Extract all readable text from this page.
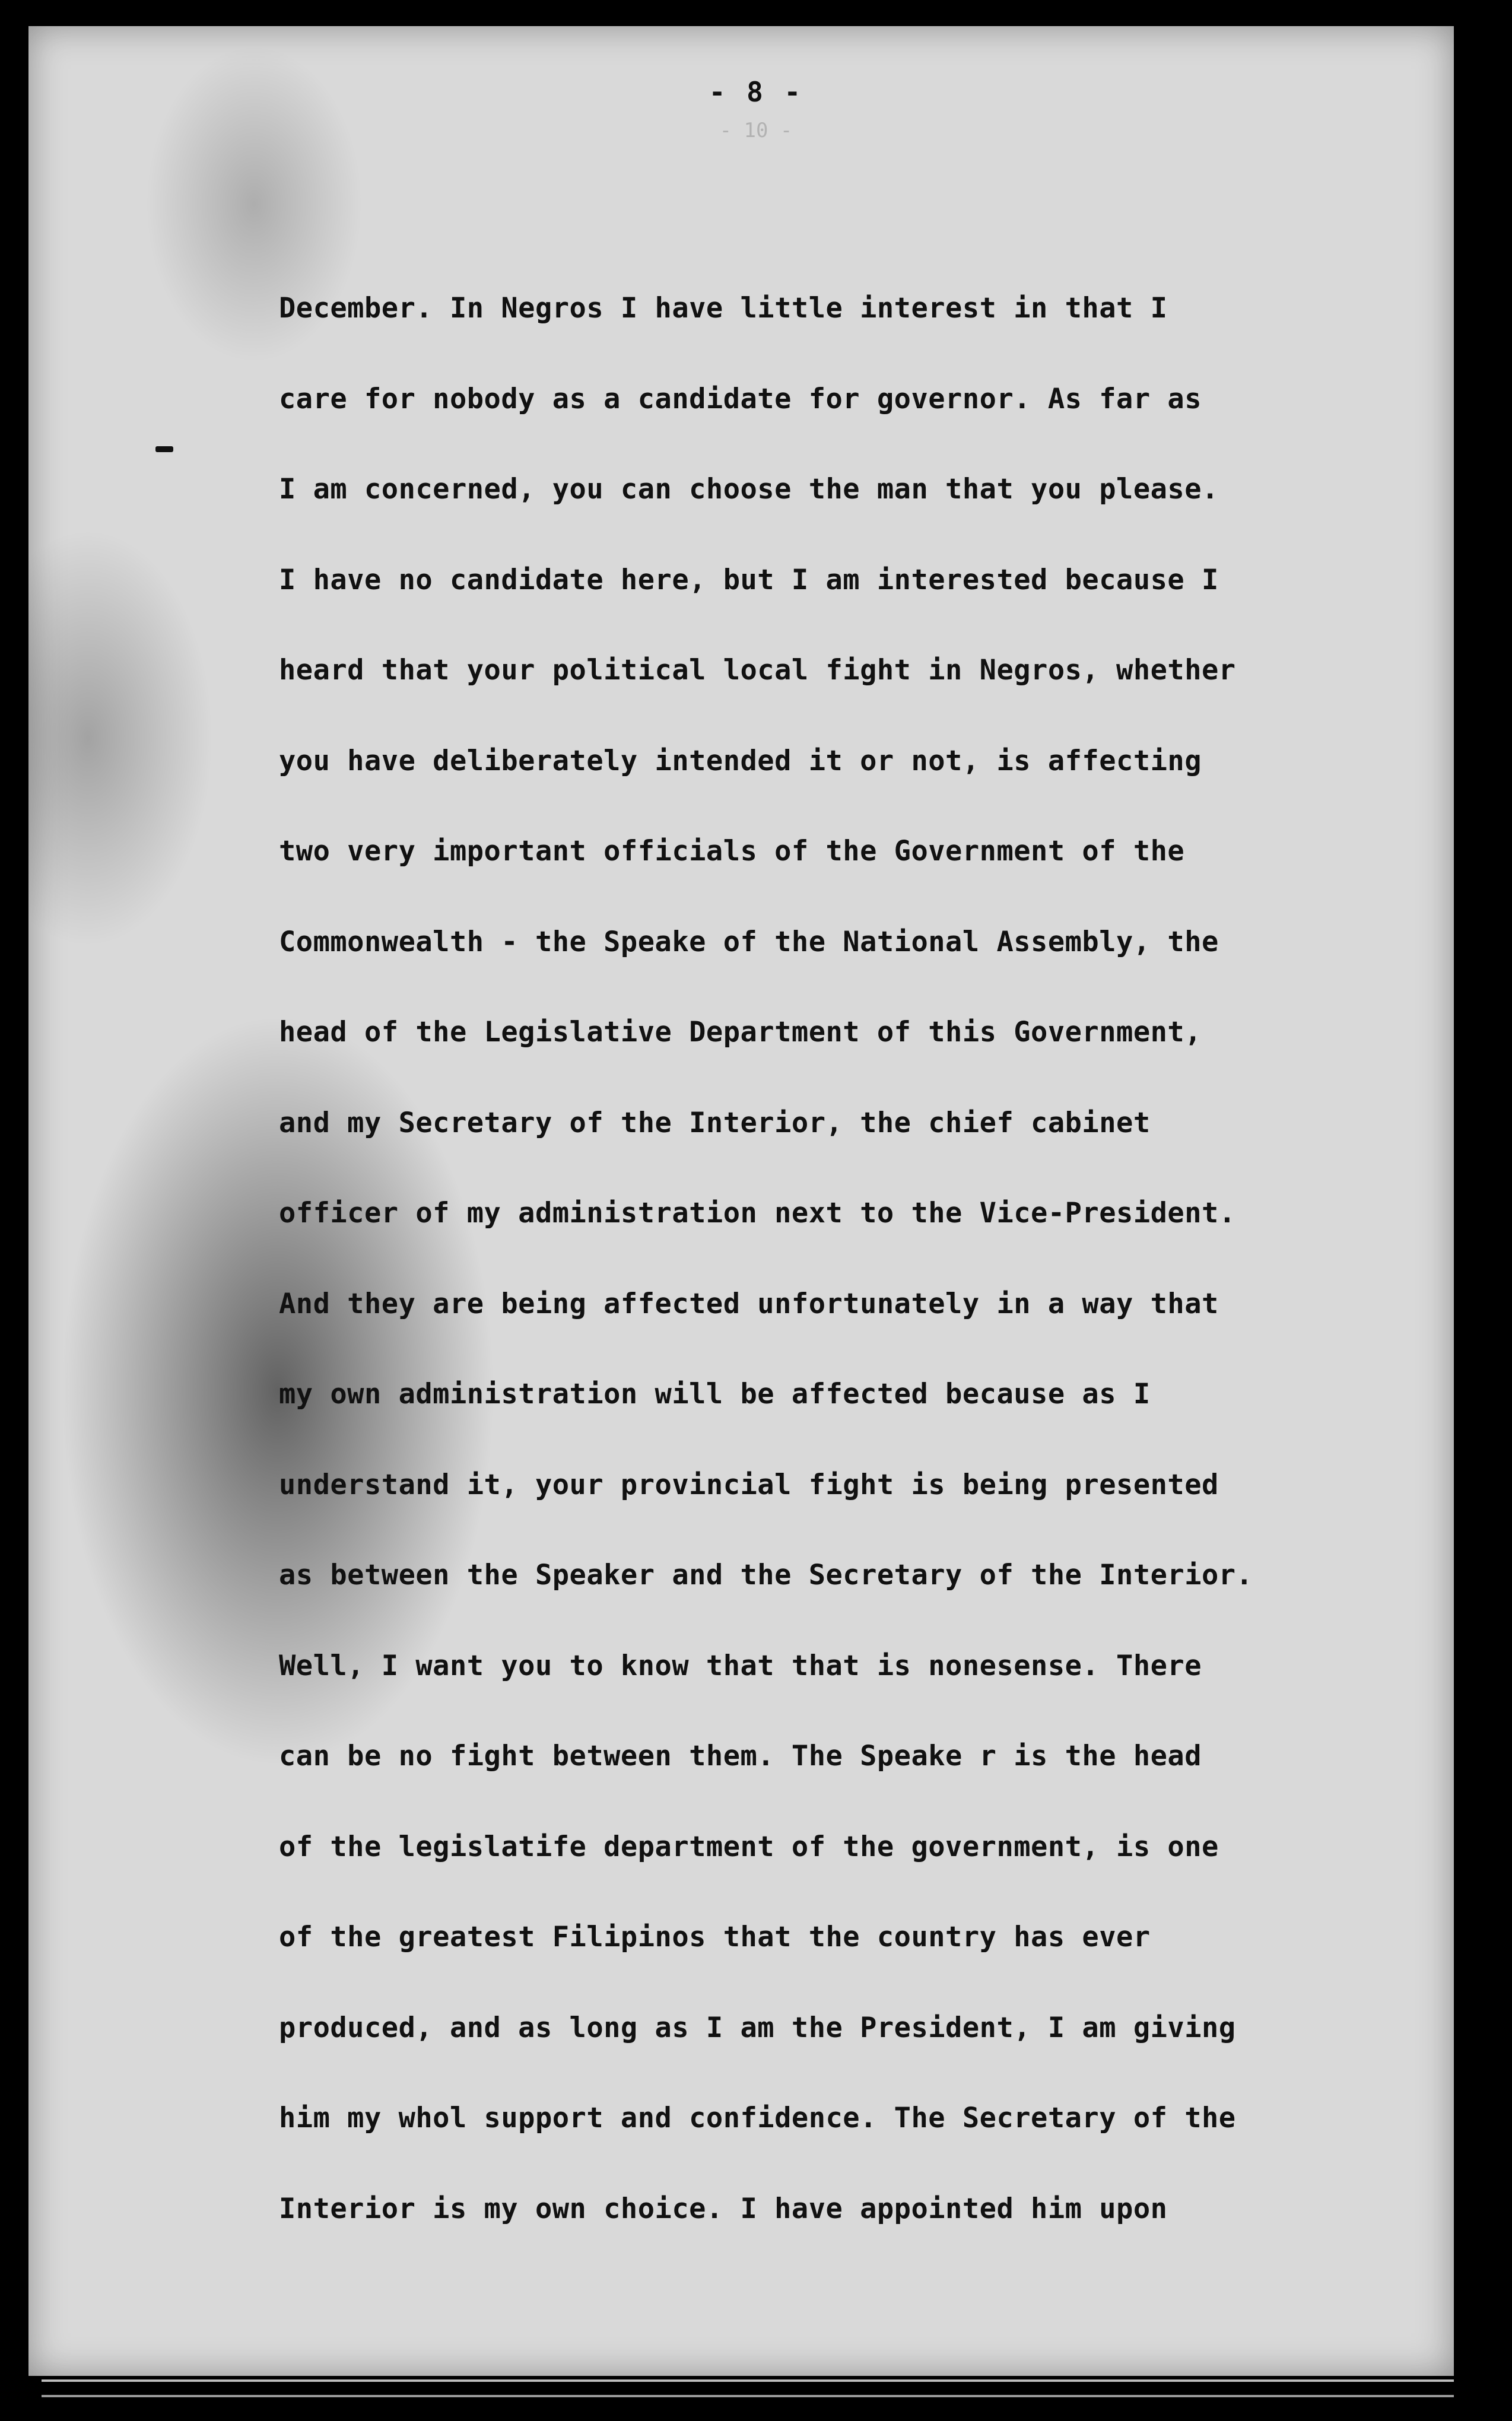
- 8 -
- 10 -
December. In Negros I have little interest in that I
care for nobody as a candidate for governor. As far as
I am concerned, you can choose the man that you please.
I have no candidate here, but I am interested because I
heard that your political local fight in Negros, whether
you have deliberately intended it or not, is affecting
two very important officials of the Government of the
Commonwealth - the Speake of the National Assembly, the
head of the Legislative Department of this Government,
and my Secretary of the Interior, the chief cabinet
officer of my administration next to the Vice-President.
And they are being affected unfortunately in a way that
my own administration will be affected because as I
understand it, your provincial fight is being presented
as between the Speaker and the Secretary of the Interior.
Well, I want you to know that that is nonesense. There
can be no fight between them. The Speake r is the head
of the legislatife department of the government, is one
of the greatest Filipinos that the country has ever
produced, and as long as I am the President, I am giving
him my whol support and confidence. The Secretary of the
Interior is my own choice. I have appointed him upon
